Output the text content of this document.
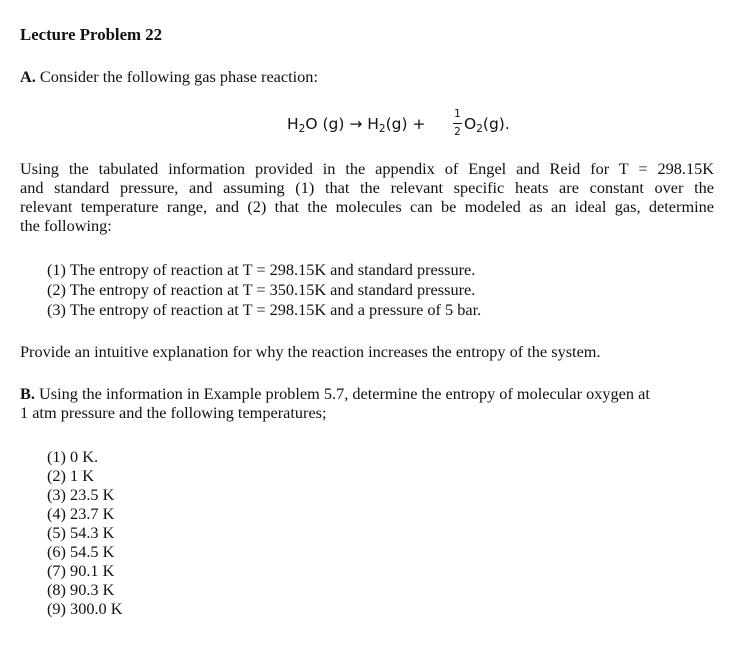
Lecture Problem 22
A. Consider the following gas phase reaction:
$H_2O$ $(g) \to H_2(g)$ +
1
2 $O_2(g)$.
Using the tabulated information provided in the appendix of Engel and Reid for T = 298.15K
and standard pressure, and assuming (1) that the relevant specific heats are constant over the
relevant temperature range, and (2) that the molecules can be modeled as an ideal gas, determine
the following:
(1) The entropy of reaction at T = 298.15K and standard pressure.
(2) The entropy of reaction at T = 350.15K and standard pressure.
(3) The entropy of reaction at T = 298.15K and a pressure of 5 bar.
Provide an intuitive explanation for why the reaction increases the entropy of the system.
B. Using the information in Example problem 5.7, determine the entropy of molecular oxygen at
1 atm pressure and the following temperatures;
(1) 0 K.
(2) 1 K
(3) 23.5 K
(4) 23.7 K
(5) 54.3 K
(6) 54.5 K
(7) 90.1 K
(8) 90.3 K
(9) 300.0 K
